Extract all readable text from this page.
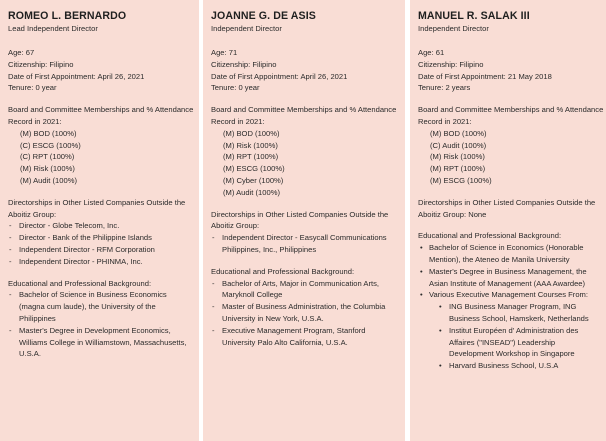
ROMEO L. BERNARDO
Lead Independent Director
Age: 67
Citizenship: Filipino
Date of First Appointment: April 26, 2021
Tenure: 0 year
Board and Committee Memberships and % Attendance Record in 2021:
(M) BOD (100%)
(C) ESCG (100%)
(C) RPT (100%)
(M) Risk (100%)
(M) Audit (100%)
Directorships in Other Listed Companies Outside the Aboitiz Group:
- Director - Globe Telecom, Inc.
- Director - Bank of the Philippine Islands
- Independent Director - RFM Corporation
- Independent Director - PHINMA, Inc.
Educational and Professional Background:
- Bachelor of Science in Business Economics (magna cum laude), the University of the Philippines
- Master's Degree in Development Economics, Williams College in Williamstown, Massachusetts, U.S.A.
JOANNE G. DE ASIS
Independent Director
Age: 71
Citizenship: Filipino
Date of First Appointment: April 26, 2021
Tenure: 0 year
Board and Committee Memberships and % Attendance Record in 2021:
(M) BOD (100%)
(M) Risk (100%)
(M) RPT (100%)
(M) ESCG (100%)
(M) Cyber (100%)
(M) Audit (100%)
Directorships in Other Listed Companies Outside the Aboitiz Group:
- Independent Director - Easycall Communications Philippines, Inc., Philippines
Educational and Professional Background:
- Bachelor of Arts, Major in Communication Arts, Maryknoll College
- Master of Business Administration, the Columbia University in New York, U.S.A.
- Executive Management Program, Stanford University Palo Alto California, U.S.A.
MANUEL R. SALAK III
Independent Director
Age: 61
Citizenship: Filipino
Date of First Appointment: 21 May 2018
Tenure: 2 years
Board and Committee Memberships and % Attendance Record in 2021:
(M) BOD (100%)
(C) Audit (100%)
(M) Risk (100%)
(M) RPT (100%)
(M) ESCG (100%)
Directorships in Other Listed Companies Outside the Aboitiz Group: None
Educational and Professional Background:
• Bachelor of Science in Economics (Honorable Mention), the Ateneo de Manila University
• Master's Degree in Business Management, the Asian Institute of Management (AAA Awardee)
• Various Executive Management Courses From:
• ING Business Manager Program, ING Business School, Hamskerk, Netherlands
• Institut Européen d' Administration des Affaires ("INSEAD") Leadership Development Workshop in Singapore
• Harvard Business School, U.S.A
